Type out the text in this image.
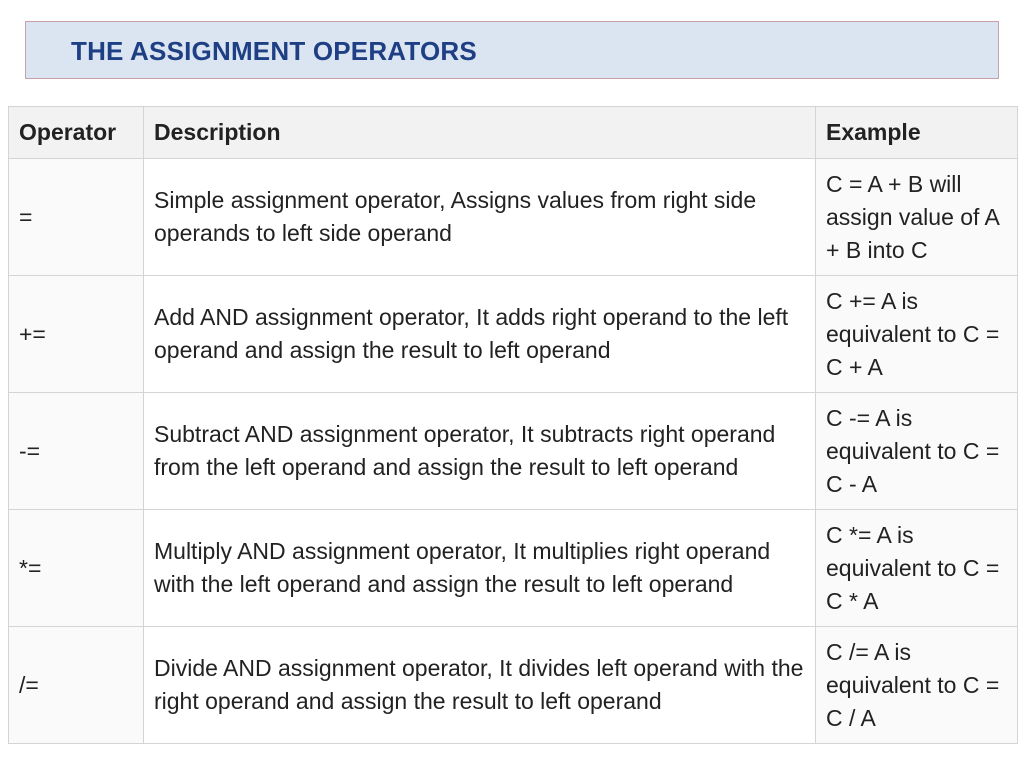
THE ASSIGNMENT OPERATORS
Operator	Description	Example
=	Simple assignment operator, Assigns values from right side operands to left side operand	C = A + B will assign value of A + B into C
+=	Add AND assignment operator, It adds right operand to the left operand and assign the result to left operand	C += A is equivalent to C = C + A
-=	Subtract AND assignment operator, It subtracts right operand from the left operand and assign the result to left operand	C -= A is equivalent to C = C - A
*=	Multiply AND assignment operator, It multiplies right operand with the left operand and assign the result to left operand	C *= A is equivalent to C = C * A
/=	Divide AND assignment operator, It divides left operand with the right operand and assign the result to left operand	C /= A is equivalent to C = C / A
